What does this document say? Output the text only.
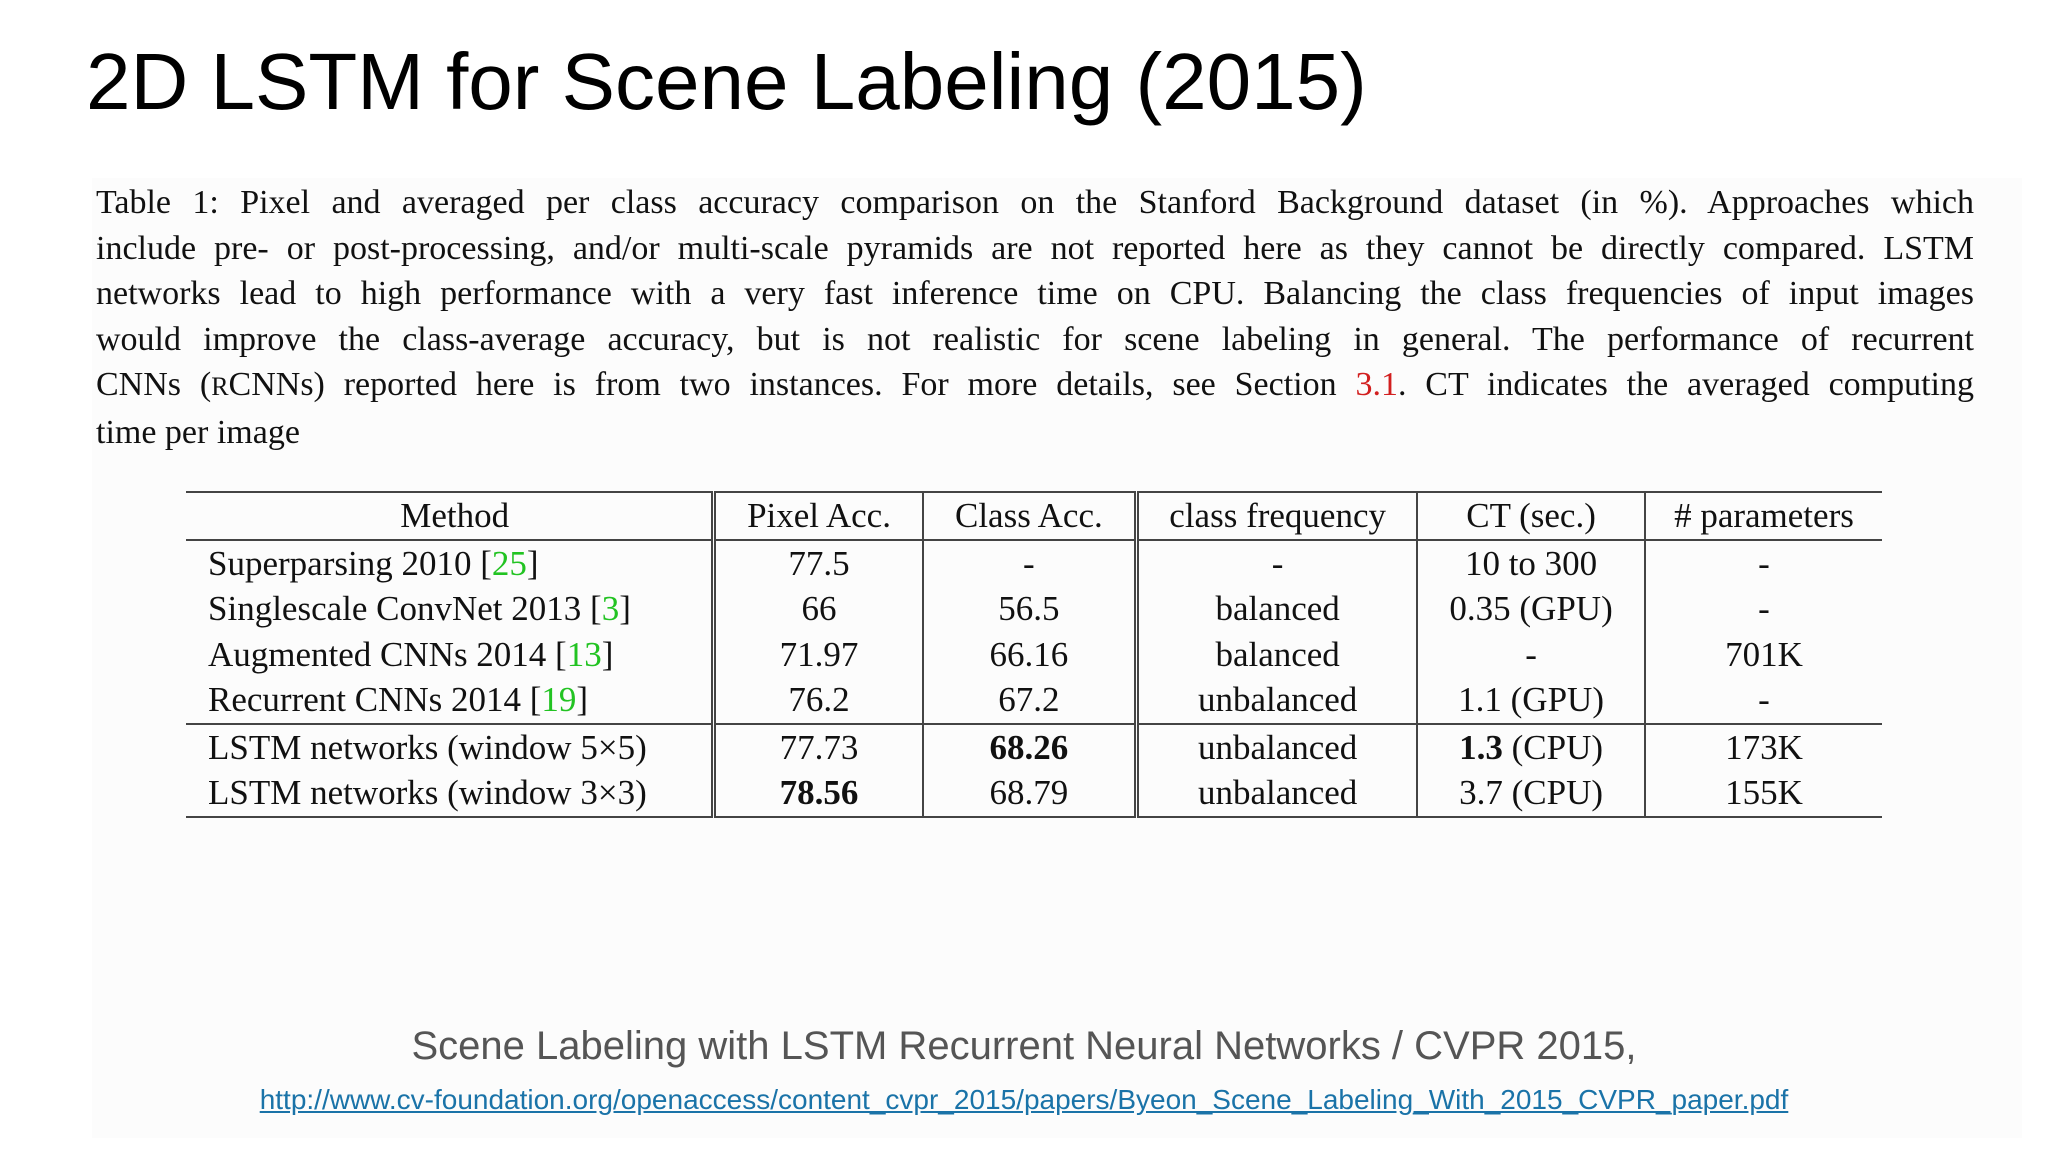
2D LSTM for Scene Labeling (2015)

Table 1: Pixel and averaged per class accuracy comparison on the Stanford Background dataset (in %). Approaches which
include pre- or post-processing, and/or multi-scale pyramids are not reported here as they cannot be directly compared. LSTM
networks lead to high performance with a very fast inference time on CPU. Balancing the class frequencies of input images
would improve the class-average accuracy, but is not realistic for scene labeling in general. The performance of recurrent
CNNs (RCNNs) reported here is from two instances. For more details, see Section 3.1. CT indicates the averaged computing
time per image

Method	Pixel Acc.	Class Acc.	class frequency	CT (sec.)	# parameters
Superparsing 2010 [25]	77.5	-	-	10 to 300	-
Singlescale ConvNet 2013 [3]	66	56.5	balanced	0.35 (GPU)	-
Augmented CNNs 2014 [13]	71.97	66.16	balanced	-	701K
Recurrent CNNs 2014 [19]	76.2	67.2	unbalanced	1.1 (GPU)	-
LSTM networks (window 5×5)	77.73	68.26	unbalanced	1.3 (CPU)	173K
LSTM networks (window 3×3)	78.56	68.79	unbalanced	3.7 (CPU)	155K

Scene Labeling with LSTM Recurrent Neural Networks / CVPR 2015,

http://www.cv-foundation.org/openaccess/content_cvpr_2015/papers/Byeon_Scene_Labeling_With_2015_CVPR_paper.pdf
